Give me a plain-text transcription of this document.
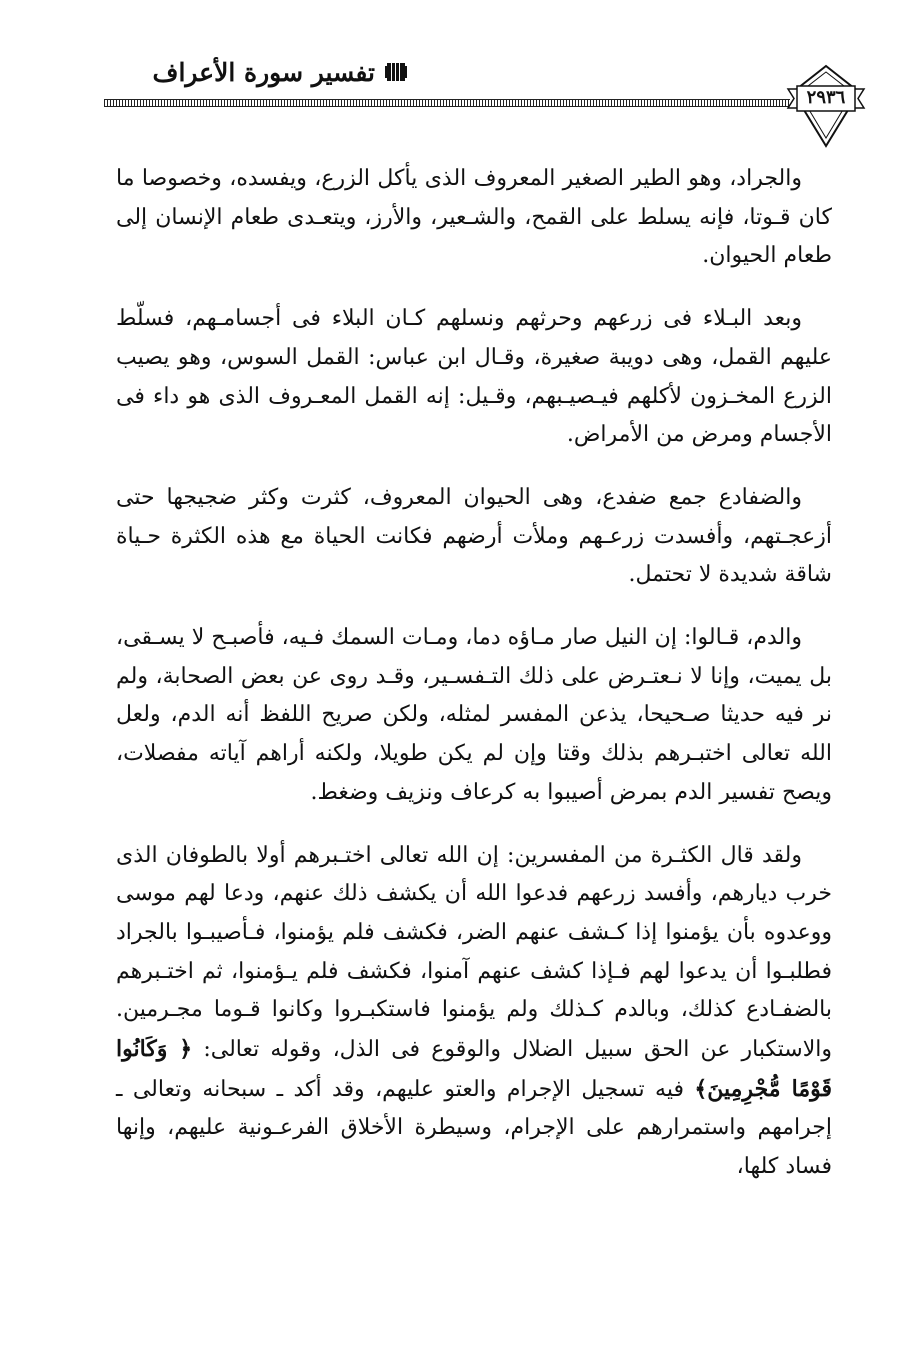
تفسير سورة الأعراف
٢٩٣٦

والجراد، وهو الطير الصغير المعروف الذى يأكل الزرع، ويفسده، وخصوصا ما كان قـوتا، فإنه يسلط على القمح، والشـعير، والأرز، ويتعـدى طعام الإنسان إلى طعام الحيوان.

وبعد البـلاء فى زرعهم وحرثهم ونسلهم كـان البلاء فى أجسامـهم، فسلّط عليهم القمل، وهى دويبة صغيرة، وقـال ابن عباس: القمل السوس، وهو يصيب الزرع المخـزون لأكلهم فيـصيـبهم، وقـيل: إنه القمل المعـروف الذى هو داء فى الأجسام ومرض من الأمراض.

والضفادع جمع ضفدع، وهى الحيوان المعروف، كثرت وكثر ضجيجها حتى أزعجـتهم، وأفسدت زرعـهم وملأت أرضهم فكانت الحياة مع هذه الكثرة حـياة شاقة شديدة لا تحتمل.

والدم، قـالوا: إن النيل صار مـاؤه دما، ومـات السمك فـيه، فأصبـح لا يسـقى، بل يميت، وإنا لا نـعتـرض على ذلك التـفسـير، وقـد روى عن بعض الصحابة، ولم نر فيه حديثا صـحيحا، يذعن المفسر لمثله، ولكن صريح اللفظ أنه الدم، ولعل الله تعالى اختبـرهم بذلك وقتا وإن لم يكن طويلا، ولكنه أراهم آياته مفصلات، ويصح تفسير الدم بمرض أصيبوا به كرعاف ونزيف وضغط.

ولقد قال الكثـرة من المفسرين: إن الله تعالى اختـبرهم أولا بالطوفان الذى خرب ديارهم، وأفسد زرعهم فدعوا الله أن يكشف ذلك عنهم، ودعا لهم موسى ووعدوه بأن يؤمنوا إذا كـشف عنهم الضر، فكشف فلم يؤمنوا، فـأصيبـوا بالجراد فطلبـوا أن يدعوا لهم فـإذا كشف عنهم آمنوا، فكشف فلم يـؤمنوا، ثم اختـبرهم بالضفـادع كذلك، وبالدم كـذلك ولم يؤمنوا فاستكبـروا وكانوا قـوما مجـرمين. والاستكبار عن الحق سبيل الضلال والوقوع فى الذل، وقوله تعالى: ﴿ وَكَانُوا قَوْمًا مُّجْرِمِينَ﴾ فيه تسجيل الإجرام والعتو عليهم، وقد أكد ـ سبحانه وتعالى ـ إجرامهم واستمرارهم على الإجرام، وسيطرة الأخلاق الفرعـونية عليهم، وإنها فساد كلها،
